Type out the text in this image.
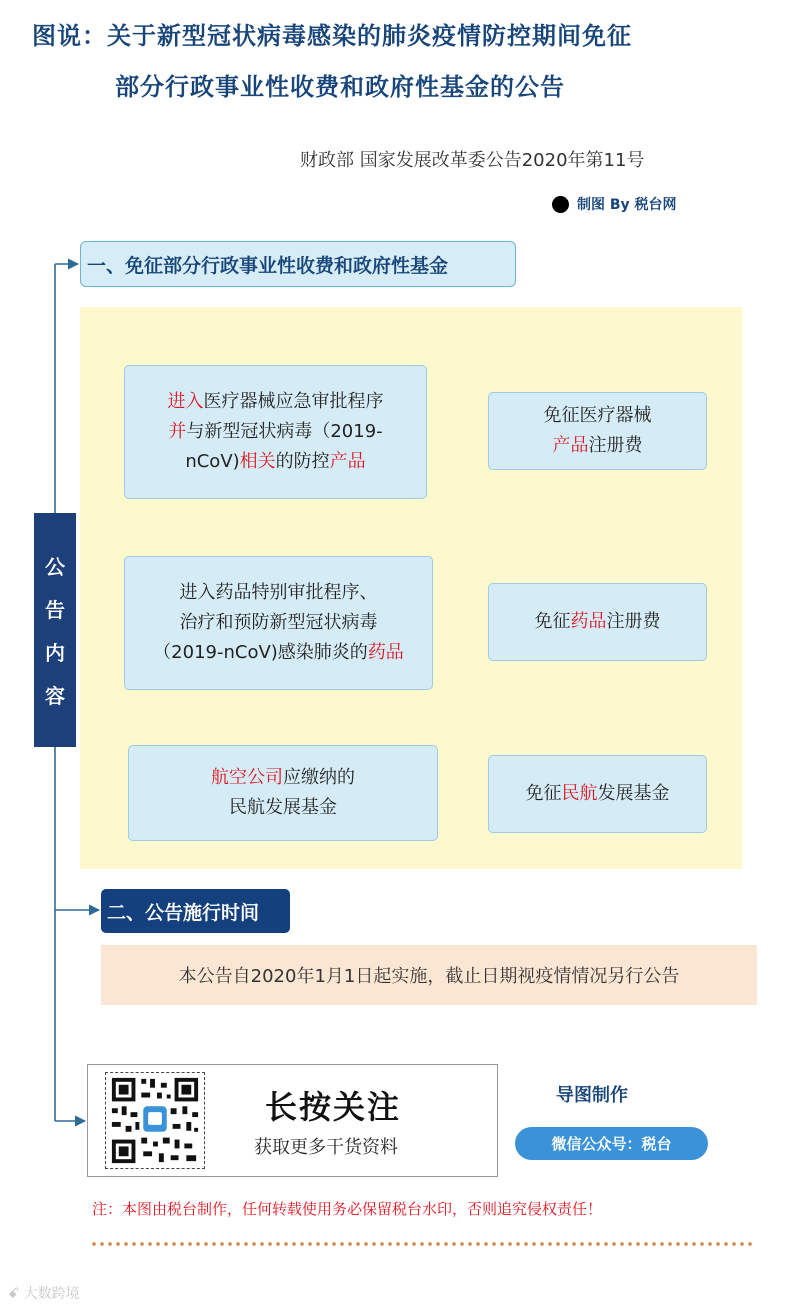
图说：关于新型冠状病毒感染的肺炎疫情防控期间免征
部分行政事业性收费和政府性基金的公告
财政部 国家发展改革委公告2020年第11号
制图 By 税台网
一、免征部分行政事业性收费和政府性基金
进入医疗器械应急审批程序
并与新型冠状病毒（2019-
nCoV)相关的防控产品
免征医疗器械
产品注册费
进入药品特别审批程序、
治疗和预防新型冠状病毒
（2019-nCoV)感染肺炎的药品
免征药品注册费
航空公司应缴纳的
民航发展基金
免征民航发展基金
公
告
内
容
二、公告施行时间
本公告自2020年1月1日起实施，截止日期视疫情情况另行公告
长按关注
获取更多干货资料
导图制作
微信公众号：税台
注：本图由税台制作，任何转载使用务必保留税台水印，否则追究侵权责任！
ꗃ 大数跨境
